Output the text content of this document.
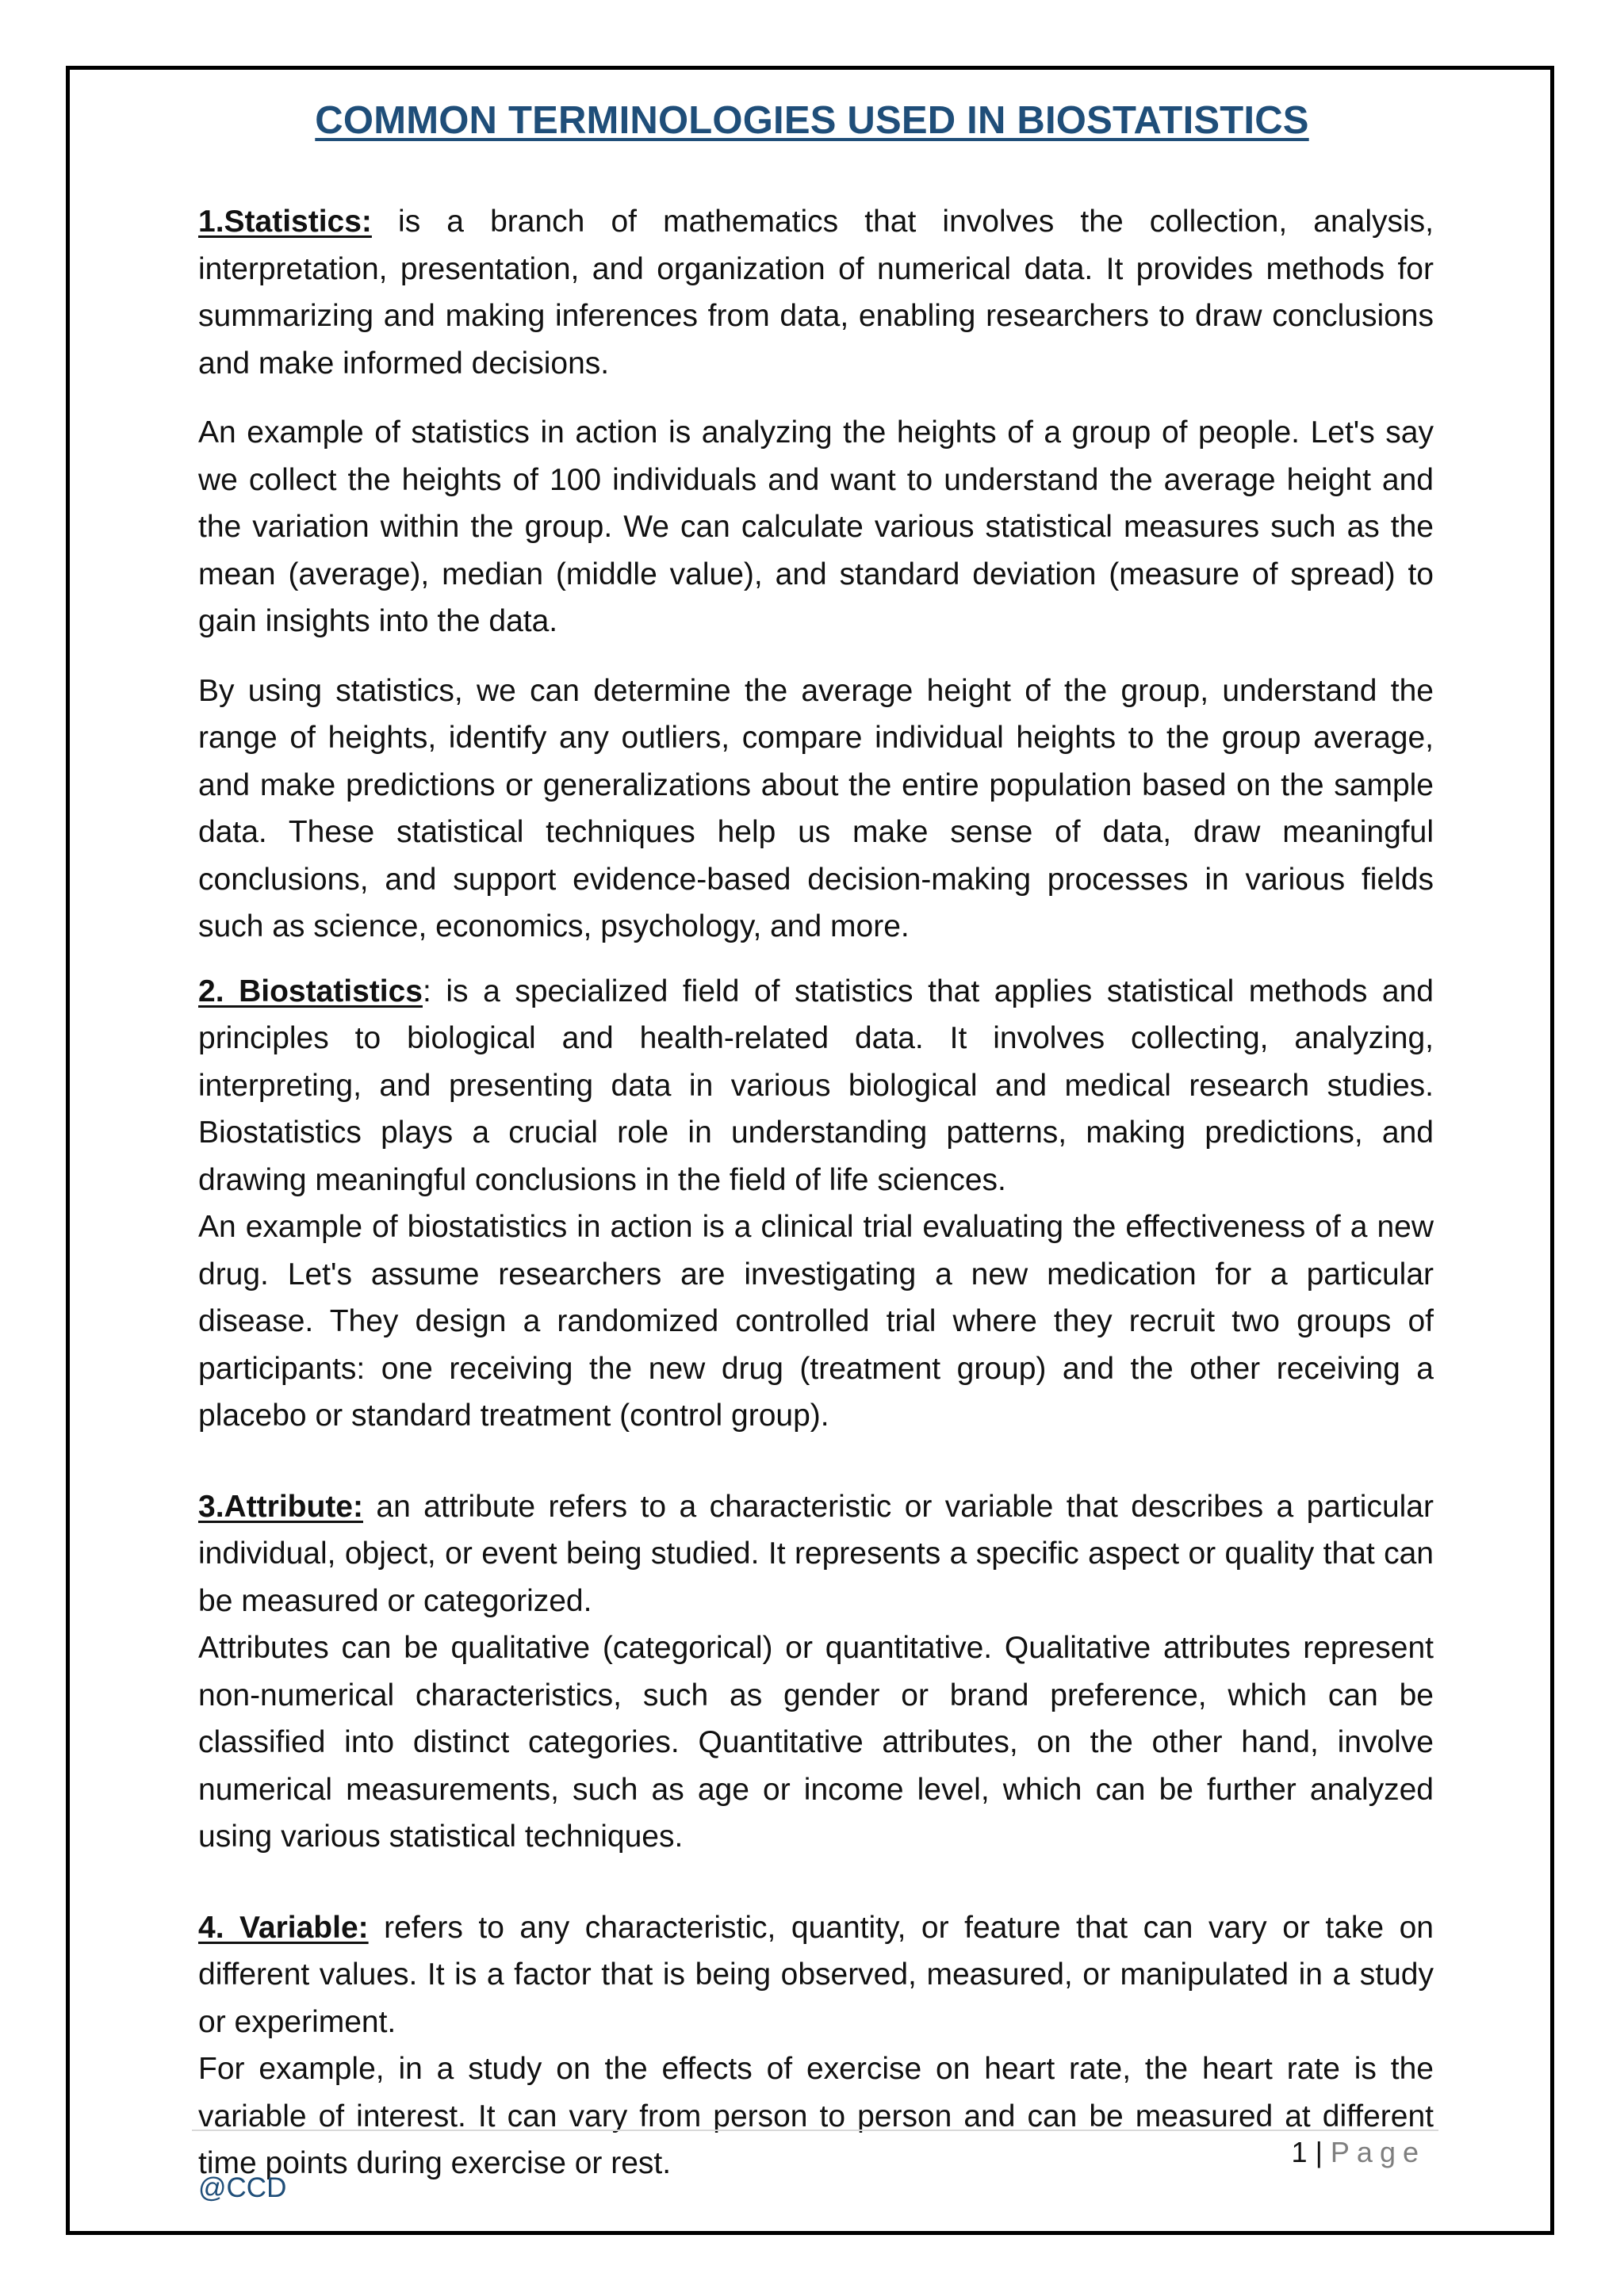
COMMON TERMINOLOGIES USED IN BIOSTATISTICS

1.Statistics: is a branch of mathematics that involves the collection, analysis, interpretation, presentation, and organization of numerical data. It provides methods for summarizing and making inferences from data, enabling researchers to draw conclusions and make informed decisions.

An example of statistics in action is analyzing the heights of a group of people. Let's say we collect the heights of 100 individuals and want to understand the average height and the variation within the group. We can calculate various statistical measures such as the mean (average), median (middle value), and standard deviation (measure of spread) to gain insights into the data.

By using statistics, we can determine the average height of the group, understand the range of heights, identify any outliers, compare individual heights to the group average, and make predictions or generalizations about the entire population based on the sample data. These statistical techniques help us make sense of data, draw meaningful conclusions, and support evidence-based decision-making processes in various fields such as science, economics, psychology, and more.

2. Biostatistics: is a specialized field of statistics that applies statistical methods and principles to biological and health-related data. It involves collecting, analyzing, interpreting, and presenting data in various biological and medical research studies. Biostatistics plays a crucial role in understanding patterns, making predictions, and drawing meaningful conclusions in the field of life sciences.

An example of biostatistics in action is a clinical trial evaluating the effectiveness of a new drug. Let's assume researchers are investigating a new medication for a particular disease. They design a randomized controlled trial where they recruit two groups of participants: one receiving the new drug (treatment group) and the other receiving a placebo or standard treatment (control group).

3.Attribute: an attribute refers to a characteristic or variable that describes a particular individual, object, or event being studied. It represents a specific aspect or quality that can be measured or categorized.

Attributes can be qualitative (categorical) or quantitative. Qualitative attributes represent non-numerical characteristics, such as gender or brand preference, which can be classified into distinct categories. Quantitative attributes, on the other hand, involve numerical measurements, such as age or income level, which can be further analyzed using various statistical techniques.

4. Variable: refers to any characteristic, quantity, or feature that can vary or take on different values. It is a factor that is being observed, measured, or manipulated in a study or experiment.

For example, in a study on the effects of exercise on heart rate, the heart rate is the variable of interest. It can vary from person to person and can be measured at different time points during exercise or rest.	1 | Page
@CCD
